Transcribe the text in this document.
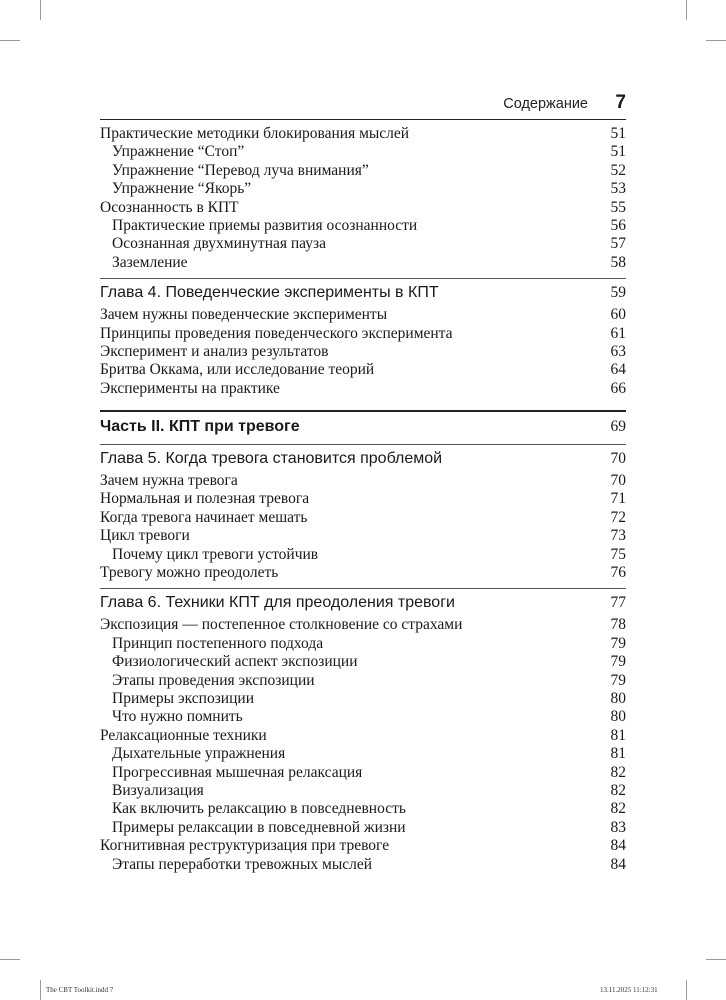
Содержание 7
Практические методики блокирования мыслей	51
Упражнение “Стоп”	51
Упражнение “Перевод луча внимания”	52
Упражнение “Якорь”	53
Осознанность в КПТ	55
Практические приемы развития осознанности	56
Осознанная двухминутная пауза	57
Заземление	58
Глава 4. Поведенческие эксперименты в КПТ	59
Зачем нужны поведенческие эксперименты	60
Принципы проведения поведенческого эксперимента	61
Эксперимент и анализ результатов	63
Бритва Оккама, или исследование теорий	64
Эксперименты на практике	66
Часть II. КПТ при тревоге	69
Глава 5. Когда тревога становится проблемой	70
Зачем нужна тревога	70
Нормальная и полезная тревога	71
Когда тревога начинает мешать	72
Цикл тревоги	73
Почему цикл тревоги устойчив	75
Тревогу можно преодолеть	76
Глава 6. Техники КПТ для преодоления тревоги	77
Экспозиция — постепенное столкновение со страхами	78
Принцип постепенного подхода	79
Физиологический аспект экспозиции	79
Этапы проведения экспозиции	79
Примеры экспозиции	80
Что нужно помнить	80
Релаксационные техники	81
Дыхательные упражнения	81
Прогрессивная мышечная релаксация	82
Визуализация	82
Как включить релаксацию в повседневность	82
Примеры релаксации в повседневной жизни	83
Когнитивная реструктуризация при тревоге	84
Этапы переработки тревожных мыслей	84
The CBT Toolkit.indd 7	13.11.2025 11:12:31
